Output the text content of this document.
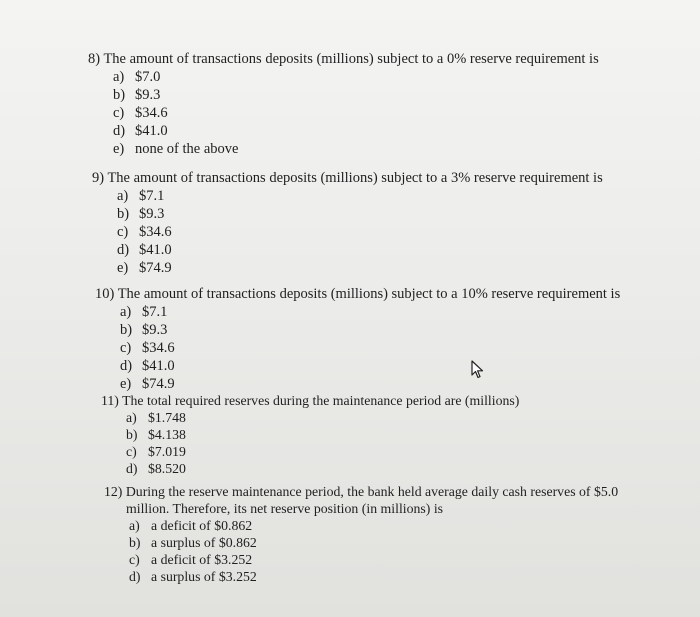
8) The amount of transactions deposits (millions) subject to a 0% reserve requirement is
a) $7.0
b) $9.3
c) $34.6
d) $41.0
e) none of the above
9) The amount of transactions deposits (millions) subject to a 3% reserve requirement is
a) $7.1
b) $9.3
c) $34.6
d) $41.0
e) $74.9
10) The amount of transactions deposits (millions) subject to a 10% reserve requirement is
a) $7.1
b) $9.3
c) $34.6
d) $41.0
e) $74.9
11) The total required reserves during the maintenance period are (millions)
a) $1.748
b) $4.138
c) $7.019
d) $8.520
12) During the reserve maintenance period, the bank held average daily cash reserves of $5.0
million. Therefore, its net reserve position (in millions) is
a) a deficit of $0.862
b) a surplus of $0.862
c) a deficit of $3.252
d) a surplus of $3.252
